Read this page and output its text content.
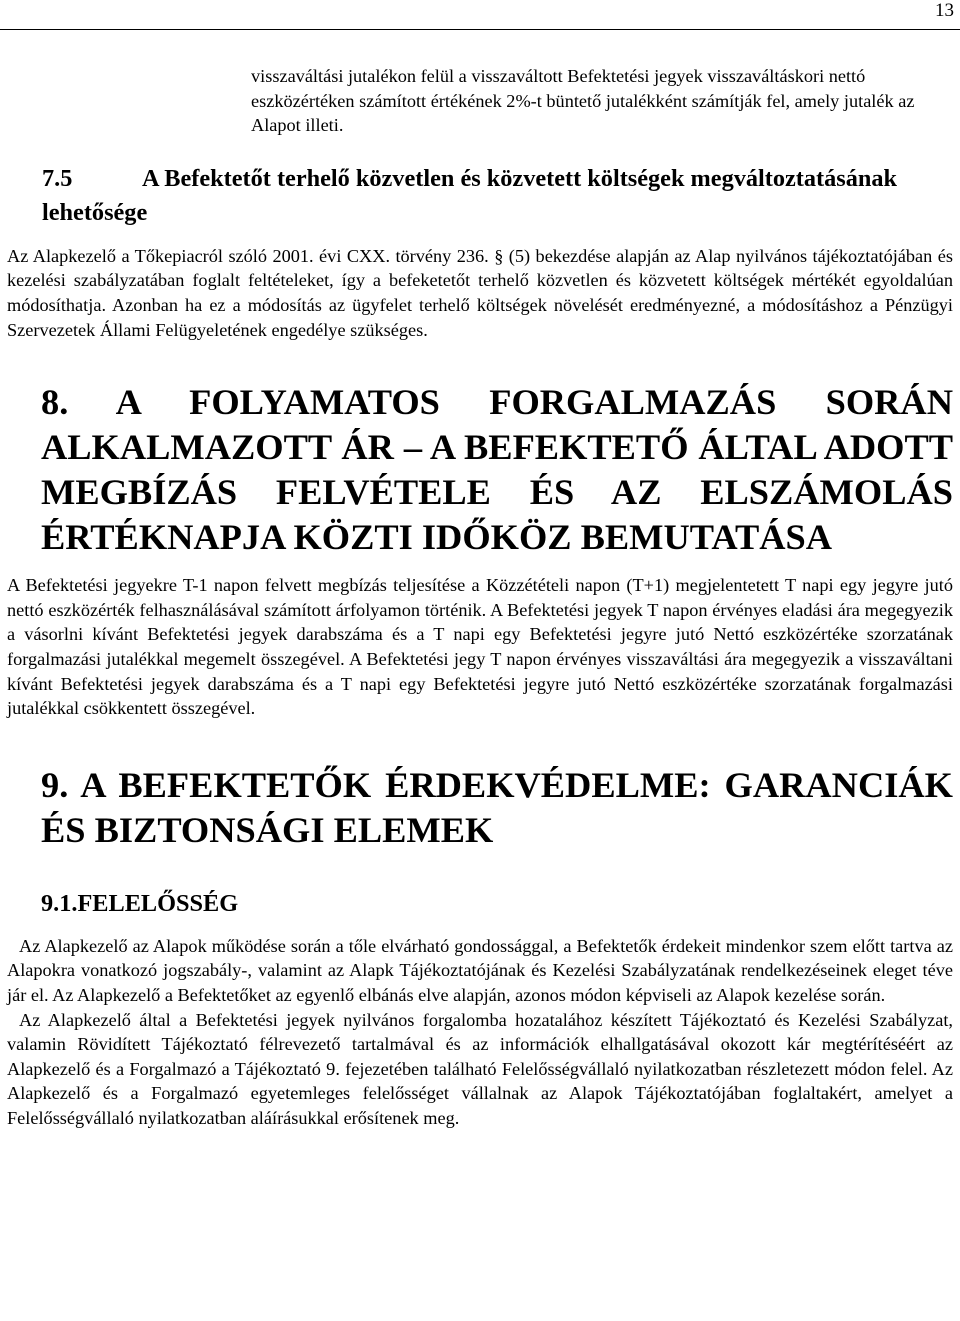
13

visszaváltási jutalékon felül a visszaváltott Befektetési jegyek visszaváltáskori nettó eszközértéken számított értékének 2%-t büntető jutalékként számítják fel, amely jutalék az Alapot illeti.

7.5	A Befektetőt terhelő közvetlen és közvetett költségek megváltoztatásának lehetősége

Az Alapkezelő a Tőkepiacról szóló 2001. évi CXX. törvény 236. § (5) bekezdése alapján az Alap nyilvános tájékoztatójában és kezelési szabályzatában foglalt feltételeket, így a befeketetőt terhelő közvetlen és közvetett költségek mértékét egyoldalúan módosíthatja. Azonban ha ez a módosítás az ügyfelet terhelő költségek növelését eredményezné, a módosításhoz a Pénzügyi Szervezetek Állami Felügyeletének engedélye szükséges.

8. A FOLYAMATOS FORGALMAZÁS SORÁN ALKALMAZOTT ÁR – A BEFEKTETŐ ÁLTAL ADOTT MEGBÍZÁS FELVÉTELE ÉS AZ ELSZÁMOLÁS ÉRTÉKNAPJA KÖZTI IDŐKÖZ BEMUTATÁSA

A Befektetési jegyekre T-1 napon felvett megbízás teljesítése a Közzétételi napon (T+1) megjelentetett T napi egy jegyre jutó nettó eszközérték felhasználásával számított árfolyamon történik. A Befektetési jegyek T napon érvényes eladási ára megegyezik a vásorlni kívánt Befektetési jegyek darabszáma és a T napi egy Befektetési jegyre jutó Nettó eszközértéke szorzatának forgalmazási jutalékkal megemelt összegével. A Befektetési jegy T napon érvényes visszaváltási ára megegyezik a visszaváltani kívánt Befektetési jegyek darabszáma és a T napi egy Befektetési jegyre jutó Nettó eszközértéke szorzatának forgalmazási jutalékkal csökkentett összegével.

9. A BEFEKTETŐK ÉRDEKVÉDELME: GARANCIÁK ÉS BIZTONSÁGI ELEMEK
9.1.FELELŐSSÉG

Az Alapkezelő az Alapok működése során a tőle elvárható gondossággal, a Befektetők érdekeit mindenkor szem előtt tartva az Alapokra vonatkozó jogszabály-, valamint az Alapk Tájékoztatójának és Kezelési Szabályzatának rendelkezéseinek eleget téve jár el. Az Alapkezelő a Befektetőket az egyenlő elbánás elve alapján, azonos módon képviseli az Alapok kezelése során.

Az Alapkezelő által a Befektetési jegyek nyilvános forgalomba hozatalához készített Tájékoztató és Kezelési Szabályzat, valamin Rövidített Tájékoztató félrevezető tartalmával és az információk elhallgatásával okozott kár megtérítéséért az Alapkezelő és a Forgalmazó a Tájékoztató 9. fejezetében található Felelősségvállaló nyilatkozatban részletezett módon felel. Az Alapkezelő és a Forgalmazó egyetemleges felelősséget vállalnak az Alapok Tájékoztatójában foglaltakért, amelyet a Felelősségvállaló nyilatkozatban aláírásukkal erősítenek meg.
